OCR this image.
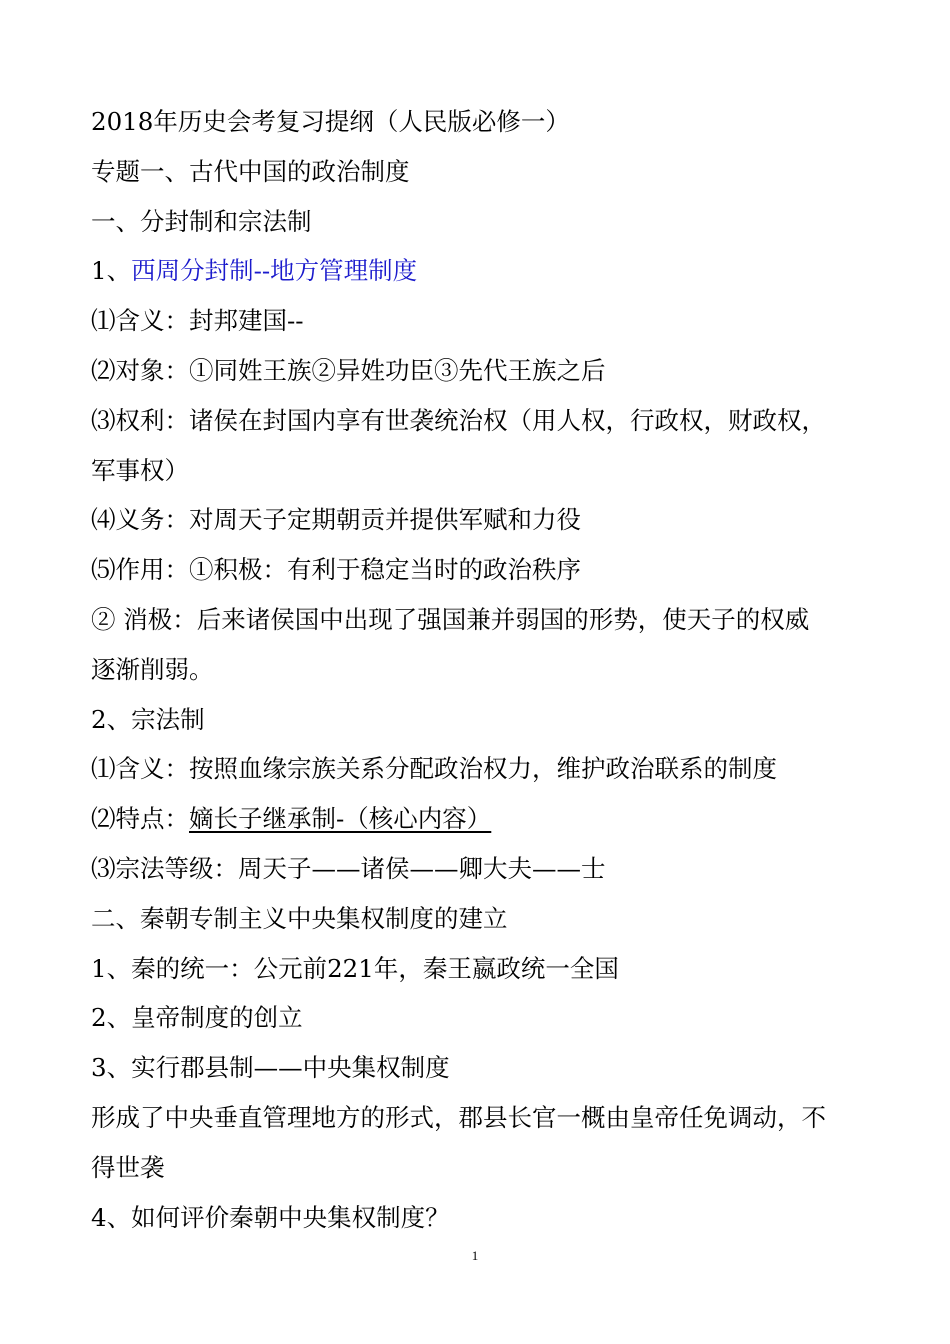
2018年历史会考复习提纲（人民版必修一）
专题一、古代中国的政治制度
一、分封制和宗法制
1、西周分封制--地方管理制度
⑴含义：封邦建国--
⑵对象：①同姓王族②异姓功臣③先代王族之后
⑶权利：诸侯在封国内享有世袭统治权（用人权，行政权，财政权，
军事权）
⑷义务：对周天子定期朝贡并提供军赋和力役
⑸作用：①积极：有利于稳定当时的政治秩序
② 消极：后来诸侯国中出现了强国兼并弱国的形势，使天子的权威
逐渐削弱。
2、宗法制
⑴含义：按照血缘宗族关系分配政治权力，维护政治联系的制度
⑵特点：嫡长子继承制-（核心内容）
⑶宗法等级：周天子——诸侯——卿大夫——士
二、秦朝专制主义中央集权制度的建立
1、秦的统一：公元前221年，秦王嬴政统一全国
2、皇帝制度的创立
3、实行郡县制——中央集权制度
形成了中央垂直管理地方的形式，郡县长官一概由皇帝任免调动，不
得世袭
4、如何评价秦朝中央集权制度？
1
